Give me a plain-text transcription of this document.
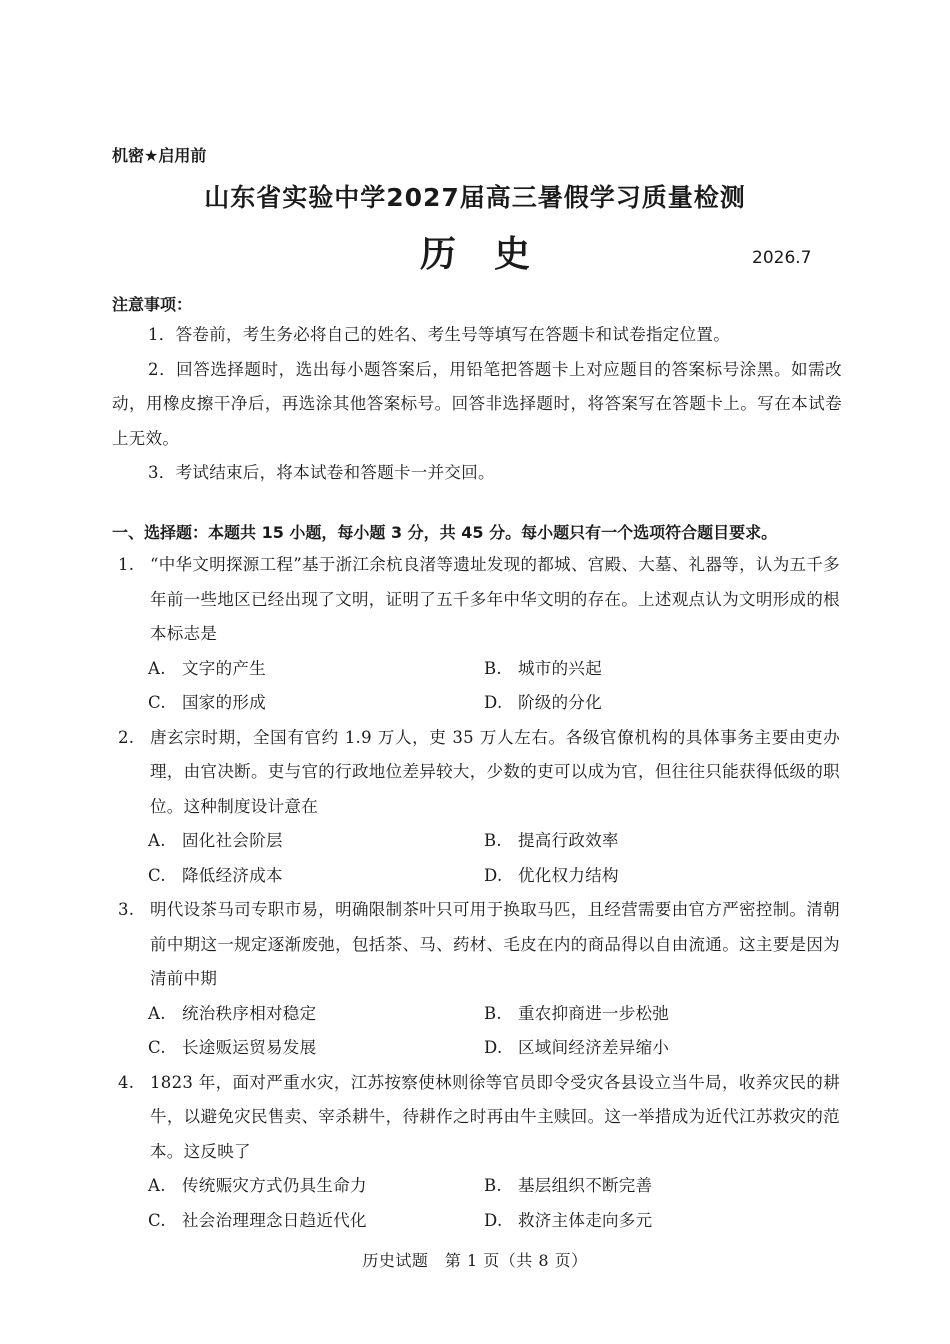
机密★启用前
山东省实验中学2027届高三暑假学习质量检测
历史	2026.7
注意事项：

1．答卷前，考生务必将自己的姓名、考生号等填写在答题卡和试卷指定位置。

2．回答选择题时，选出每小题答案后，用铅笔把答题卡上对应题目的答案标号涂黑。如需改动，用橡皮擦干净后，再选涂其他答案标号。回答非选择题时，将答案写在答题卡上。写在本试卷上无效。

3．考试结束后，将本试卷和答题卡一并交回。

一、选择题：本题共 15 小题，每小题 3 分，共 45 分。每小题只有一个选项符合题目要求。
1. “中华文明探源工程”基于浙江余杭良渚等遗址发现的都城、宫殿、大墓、礼器等，认为五千多年前一些地区已经出现了文明，证明了五千多年中华文明的存在。上述观点认为文明形成的根本标志是
A. 文字的产生	B. 城市的兴起
C. 国家的形成	D. 阶级的分化
2. 唐玄宗时期，全国有官约 1.9 万人，吏 35 万人左右。各级官僚机构的具体事务主要由吏办理，由官决断。吏与官的行政地位差异较大，少数的吏可以成为官，但往往只能获得低级的职位。这种制度设计意在
A. 固化社会阶层	B. 提高行政效率
C. 降低经济成本	D. 优化权力结构
3. 明代设茶马司专职市易，明确限制茶叶只可用于换取马匹，且经营需要由官方严密控制。清朝前中期这一规定逐渐废弛，包括茶、马、药材、毛皮在内的商品得以自由流通。这主要是因为清前中期
A. 统治秩序相对稳定	B. 重农抑商进一步松弛
C. 长途贩运贸易发展	D. 区域间经济差异缩小
4. 1823 年，面对严重水灾，江苏按察使林则徐等官员即令受灾各县设立当牛局，收养灾民的耕牛，以避免灾民售卖、宰杀耕牛，待耕作之时再由牛主赎回。这一举措成为近代江苏救灾的范本。这反映了
A. 传统赈灾方式仍具生命力	B. 基层组织不断完善
C. 社会治理理念日趋近代化	D. 救济主体走向多元
历史试题　第 1 页（共 8 页）
